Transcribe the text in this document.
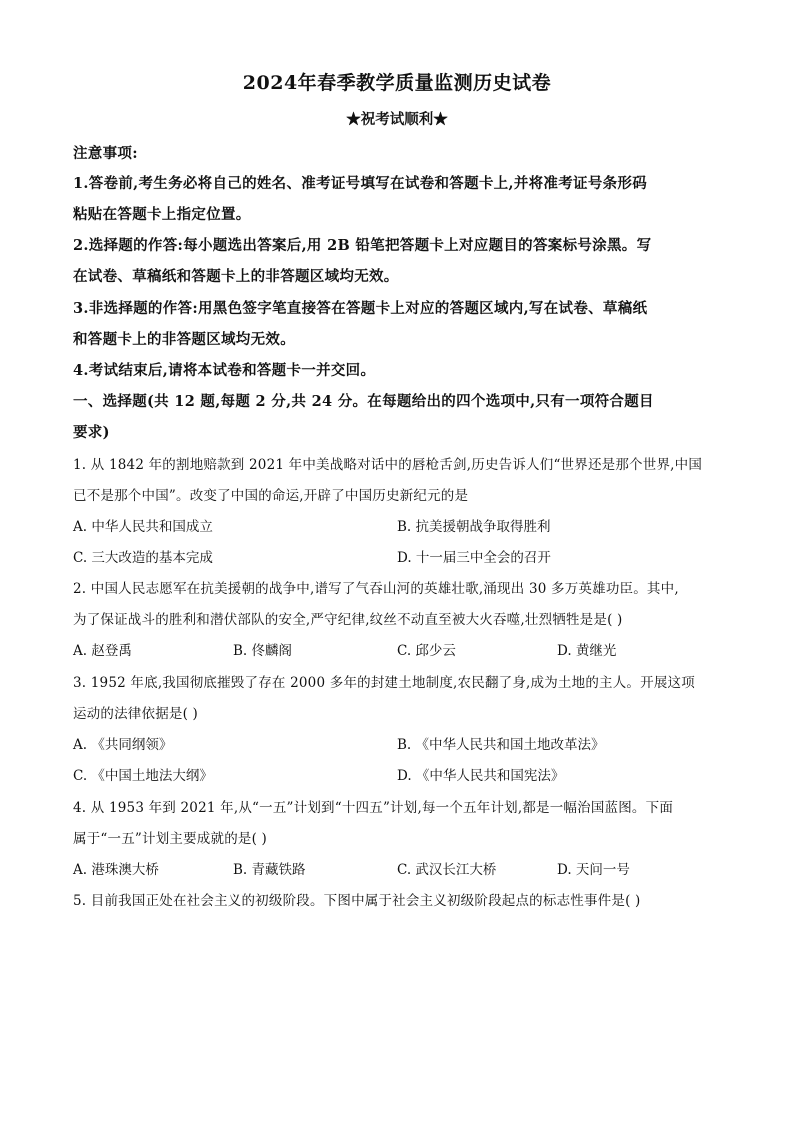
2024年春季教学质量监测历史试卷
★祝考试顺利★
注意事项:
1.答卷前,考生务必将自己的姓名、准考证号填写在试卷和答题卡上,并将准考证号条形码
粘贴在答题卡上指定位置。
2.选择题的作答:每小题选出答案后,用 2B 铅笔把答题卡上对应题目的答案标号涂黑。写
在试卷、草稿纸和答题卡上的非答题区域均无效。
3.非选择题的作答:用黑色签字笔直接答在答题卡上对应的答题区域内,写在试卷、草稿纸
和答题卡上的非答题区域均无效。
4.考试结束后,请将本试卷和答题卡一并交回。
一、选择题(共 12 题,每题 2 分,共 24 分。在每题给出的四个选项中,只有一项符合题目
要求)
1. 从 1842 年的割地赔款到 2021 年中美战略对话中的唇枪舌剑,历史告诉人们“世界还是那个世界,中国
已不是那个中国”。改变了中国的命运,开辟了中国历史新纪元的是
A. 中华人民共和国成立	B. 抗美援朝战争取得胜利
C. 三大改造的基本完成	D. 十一届三中全会的召开
2. 中国人民志愿军在抗美援朝的战争中,谱写了气吞山河的英雄壮歌,涌现出 30 多万英雄功臣。其中,
为了保证战斗的胜利和潜伏部队的安全,严守纪律,纹丝不动直至被大火吞噬,壮烈牺牲是是( )
A. 赵登禹	B. 佟麟阁	C. 邱少云	D. 黄继光
3. 1952 年底,我国彻底摧毁了存在 2000 多年的封建土地制度,农民翻了身,成为土地的主人。开展这项
运动的法律依据是( )
A. 《共同纲领》	B. 《中华人民共和国土地改革法》
C. 《中国土地法大纲》	D. 《中华人民共和国宪法》
4. 从 1953 年到 2021 年,从“一五”计划到“十四五”计划,每一个五年计划,都是一幅治国蓝图。下面
属于“一五”计划主要成就的是( )
A. 港珠澳大桥	B. 青藏铁路	C. 武汉长江大桥	D. 天问一号
5. 目前我国正处在社会主义的初级阶段。下图中属于社会主义初级阶段起点的标志性事件是( )
